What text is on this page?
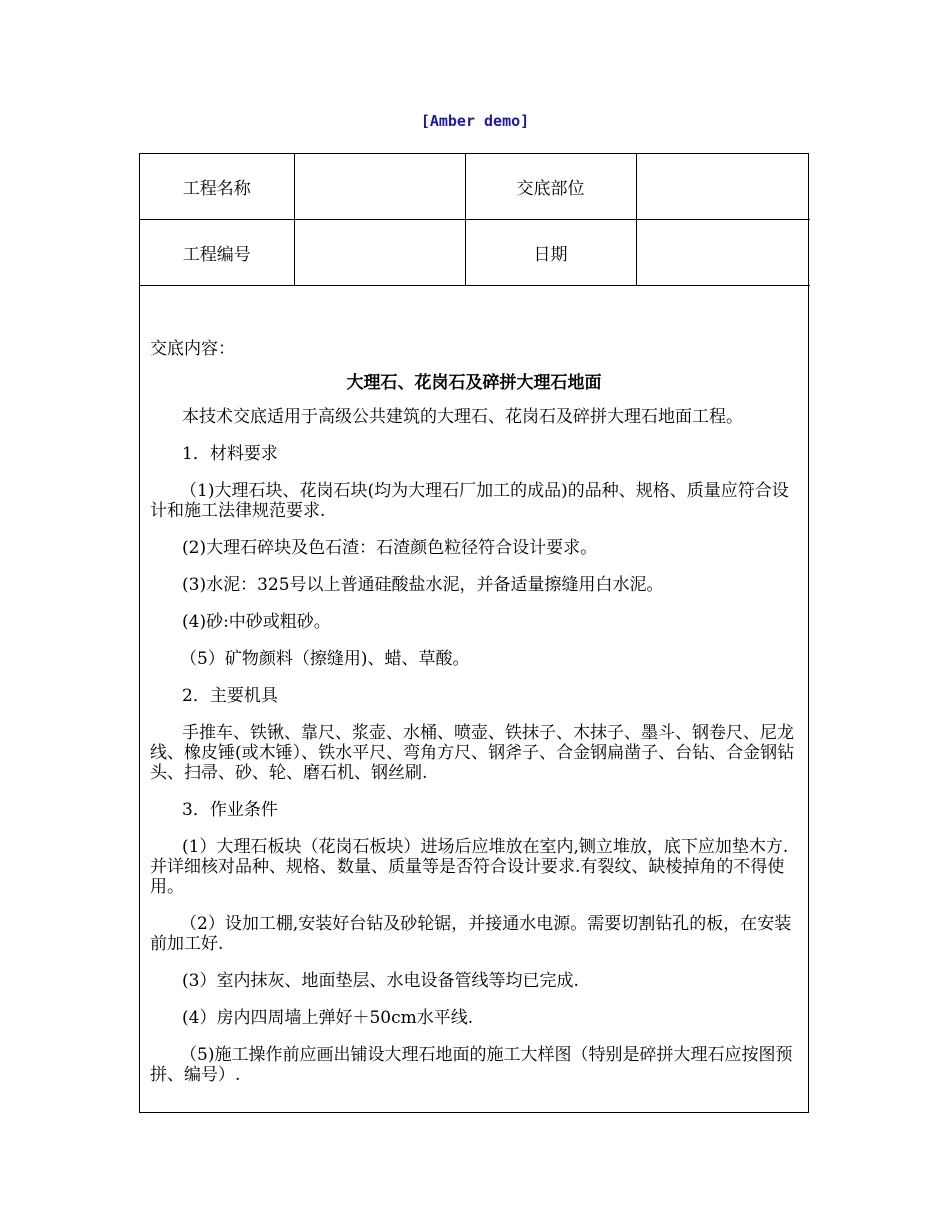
[Amber demo]
工程名称		交底部位	
工程编号		日期	

交底内容：

大理石、花岗石及碎拼大理石地面

本技术交底适用于高级公共建筑的大理石、花岗石及碎拼大理石地面工程。

1．材料要求

（1)大理石块、花岗石块(均为大理石厂加工的成品)的品种、规格、质量应符合设计和施工法律规范要求.

(2)大理石碎块及色石渣：石渣颜色粒径符合设计要求。

(3)水泥：325号以上普通硅酸盐水泥，并备适量擦缝用白水泥。

(4)砂:中砂或粗砂。

（5）矿物颜料（擦缝用)、蜡、草酸。

2．主要机具

手推车、铁锹、靠尺、浆壶、水桶、喷壶、铁抹子、木抹子、墨斗、钢卷尺、尼龙线、橡皮锤(或木锤）、铁水平尺、弯角方尺、钢斧子、合金钢扁凿子、台钻、合金钢钻头、扫帚、砂、轮、磨石机、钢丝刷.

3．作业条件

(1）大理石板块（花岗石板块）进场后应堆放在室内,铡立堆放，底下应加垫木方.并详细核对品种、规格、数量、质量等是否符合设计要求.有裂纹、缺棱掉角的不得使用。

（2）设加工棚,安装好台钻及砂轮锯，并接通水电源。需要切割钻孔的板，在安装前加工好.

(3）室内抹灰、地面垫层、水电设备管线等均已完成.

(4）房内四周墙上弹好＋50cm水平线.

（5)施工操作前应画出铺设大理石地面的施工大样图（特别是碎拼大理石应按图预拼、编号）.
